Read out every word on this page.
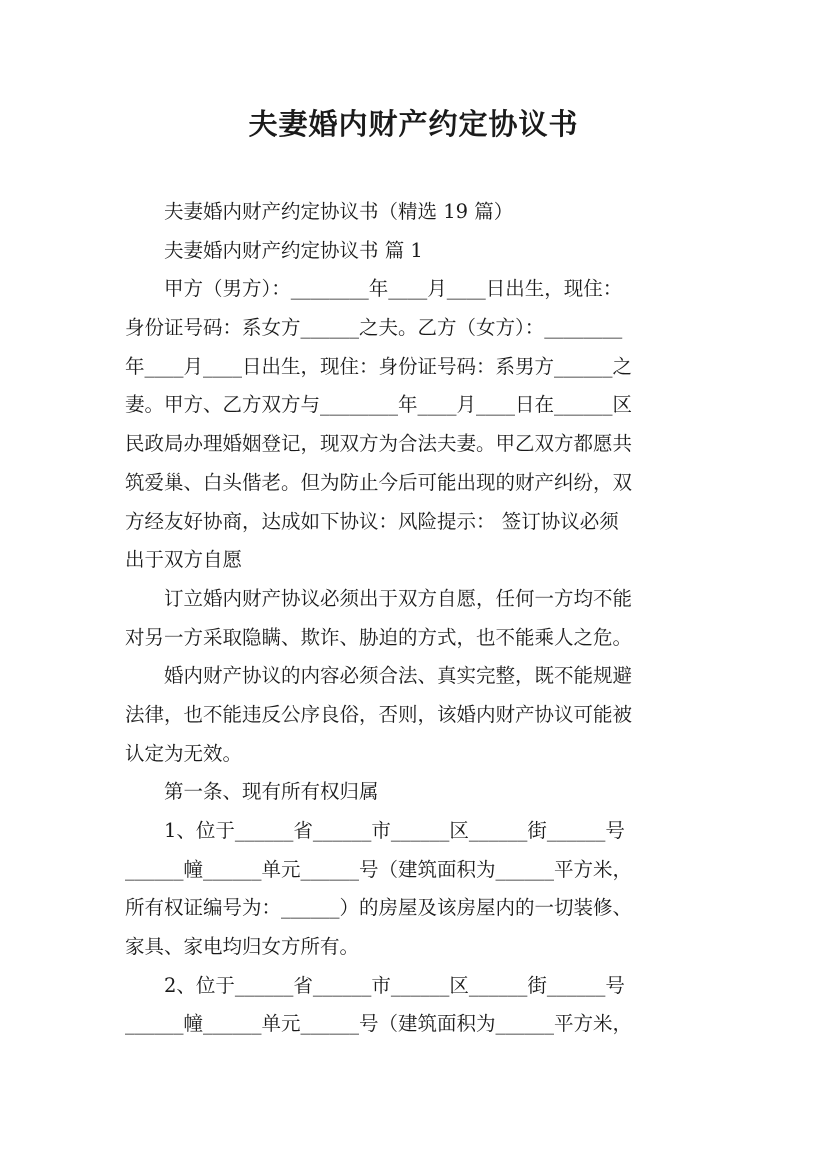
夫妻婚内财产约定协议书
　　夫妻婚内财产约定协议书（精选 19 篇）
　　夫妻婚内财产约定协议书 篇 1
　　甲方（男方）：________年____月____日出生，现住：
身份证号码：系女方______之夫。乙方（女方）：________
年____月____日出生，现住：身份证号码：系男方______之
妻。甲方、乙方双方与________年____月____日在______区
民政局办理婚姻登记，现双方为合法夫妻。甲乙双方都愿共
筑爱巢、白头偕老。但为防止今后可能出现的财产纠纷，双
方经友好协商，达成如下协议：风险提示： 签订协议必须
出于双方自愿
　　订立婚内财产协议必须出于双方自愿，任何一方均不能
对另一方采取隐瞒、欺诈、胁迫的方式，也不能乘人之危。
　　婚内财产协议的内容必须合法、真实完整，既不能规避
法律，也不能违反公序良俗，否则，该婚内财产协议可能被
认定为无效。
　　第一条、现有所有权归属
　　1、位于______省______市______区______街______号
______幢______单元______号（建筑面积为______平方米，
所有权证编号为：______）的房屋及该房屋内的一切装修、
家具、家电均归女方所有。
　　2、位于______省______市______区______街______号
______幢______单元______号（建筑面积为______平方米，
